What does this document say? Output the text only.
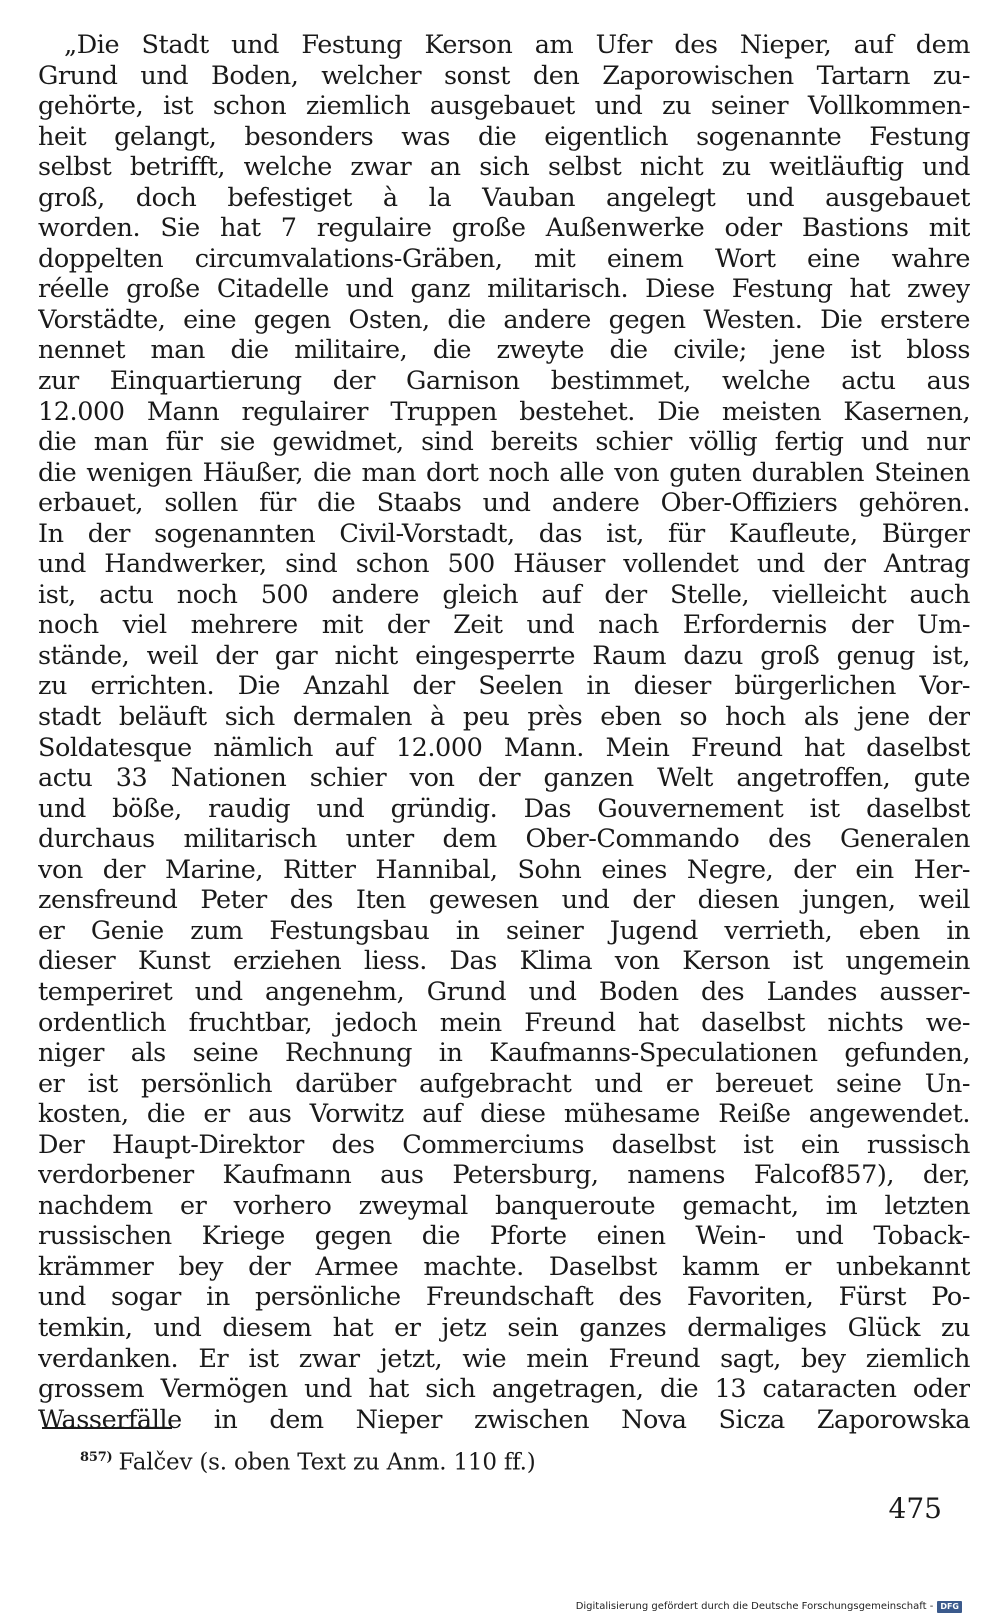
„Die Stadt und Festung Kerson am Ufer des Nieper, auf dem
Grund und Boden, welcher sonst den Zaporowischen Tartarn zu-
gehörte, ist schon ziemlich ausgebauet und zu seiner Vollkommen-
heit gelangt, besonders was die eigentlich sogenannte Festung
selbst betrifft, welche zwar an sich selbst nicht zu weitläuftig und
groß, doch befestiget à la Vauban angelegt und ausgebauet
worden. Sie hat 7 regulaire große Außenwerke oder Bastions mit
doppelten circumvalations-Gräben, mit einem Wort eine wahre
réelle große Citadelle und ganz militarisch. Diese Festung hat zwey
Vorstädte, eine gegen Osten, die andere gegen Westen. Die erstere
nennet man die militaire, die zweyte die civile; jene ist bloss
zur Einquartierung der Garnison bestimmet, welche actu aus
12.000 Mann regulairer Truppen bestehet. Die meisten Kasernen,
die man für sie gewidmet, sind bereits schier völlig fertig und nur
die wenigen Häußer, die man dort noch alle von guten durablen Steinen
erbauet, sollen für die Staabs und andere Ober-Offiziers gehören.
In der sogenannten Civil-Vorstadt, das ist, für Kaufleute, Bürger
und Handwerker, sind schon 500 Häuser vollendet und der Antrag
ist, actu noch 500 andere gleich auf der Stelle, vielleicht auch
noch viel mehrere mit der Zeit und nach Erfordernis der Um-
stände, weil der gar nicht eingesperrte Raum dazu groß genug ist,
zu errichten. Die Anzahl der Seelen in dieser bürgerlichen Vor-
stadt beläuft sich dermalen à peu près eben so hoch als jene der
Soldatesque nämlich auf 12.000 Mann. Mein Freund hat daselbst
actu 33 Nationen schier von der ganzen Welt angetroffen, gute
und böße, raudig und gründig. Das Gouvernement ist daselbst
durchaus militarisch unter dem Ober-Commando des Generalen
von der Marine, Ritter Hannibal, Sohn eines Negre, der ein Her-
zensfreund Peter des Iten gewesen und der diesen jungen, weil
er Genie zum Festungsbau in seiner Jugend verrieth, eben in
dieser Kunst erziehen liess. Das Klima von Kerson ist ungemein
temperiret und angenehm, Grund und Boden des Landes ausser-
ordentlich fruchtbar, jedoch mein Freund hat daselbst nichts we-
niger als seine Rechnung in Kaufmanns-Speculationen gefunden,
er ist persönlich darüber aufgebracht und er bereuet seine Un-
kosten, die er aus Vorwitz auf diese mühesame Reiße angewendet.
Der Haupt-Direktor des Commerciums daselbst ist ein russisch
verdorbener Kaufmann aus Petersburg, namens Falcof857), der,
nachdem er vorhero zweymal banqueroute gemacht, im letzten
russischen Kriege gegen die Pforte einen Wein- und Toback-
krämmer bey der Armee machte. Daselbst kamm er unbekannt
und sogar in persönliche Freundschaft des Favoriten, Fürst Po-
temkin, und diesem hat er jetz sein ganzes dermaliges Glück zu
verdanken. Er ist zwar jetzt, wie mein Freund sagt, bey ziemlich
grossem Vermögen und hat sich angetragen, die 13 cataracten oder
Wasserfälle in dem Nieper zwischen Nova Sicza Zaporowska
$^{857)}$ Falčev (s. oben Text zu Anm. 110 ff.)
475
Digitalisierung gefördert durch die Deutsche Forschungsgemeinschaft - DFG
